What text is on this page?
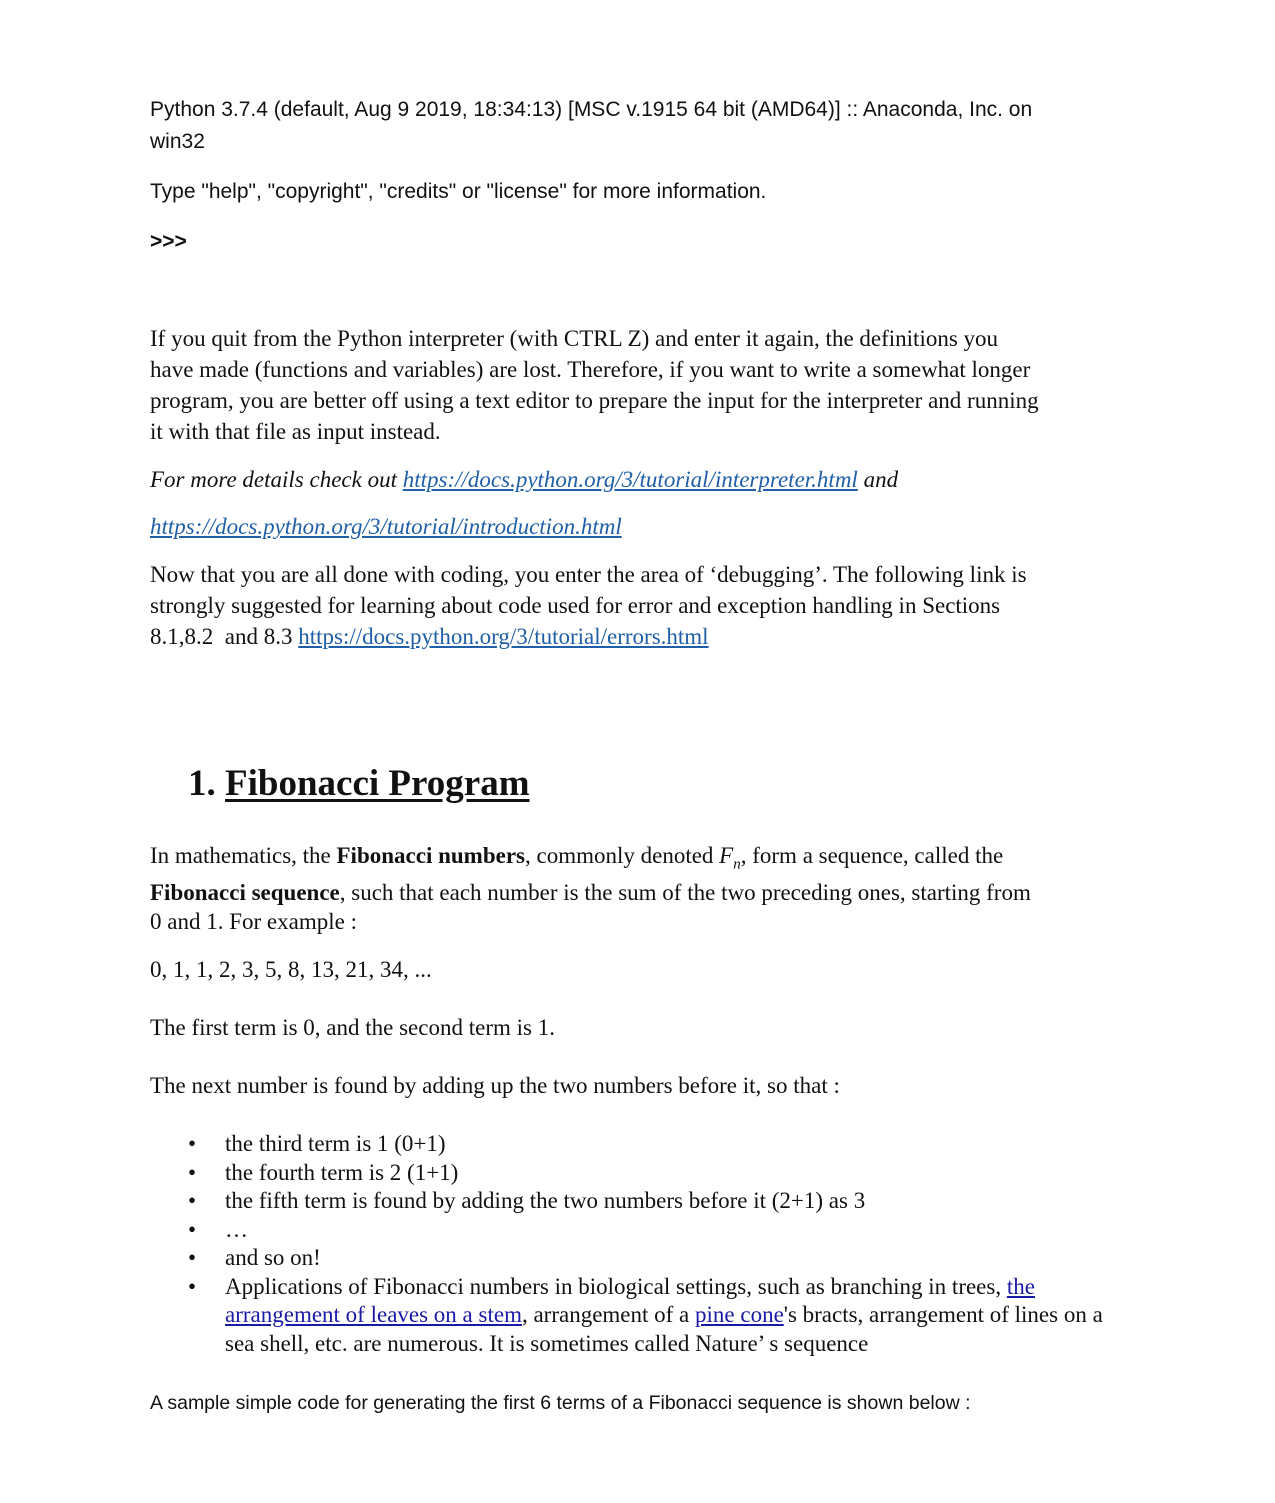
Python 3.7.4 (default, Aug 9 2019, 18:34:13) [MSC v.1915 64 bit (AMD64)] :: Anaconda, Inc. on

win32

Type "help", "copyright", "credits" or "license" for more information.

>>>

If you quit from the Python interpreter (with CTRL Z) and enter it again, the definitions you
have made (functions and variables) are lost. Therefore, if you want to write a somewhat longer
program, you are better off using a text editor to prepare the input for the interpreter and running
it with that file as input instead.
For more details check out https://docs.python.org/3/tutorial/interpreter.html and
https://docs.python.org/3/tutorial/introduction.html
Now that you are all done with coding, you enter the area of ‘debugging’. The following link is
strongly suggested for learning about code used for error and exception handling in Sections
8.1,8.2  and 8.3 https://docs.python.org/3/tutorial/errors.html
1. Fibonacci Program
In mathematics, the Fibonacci numbers, commonly denoted $F_n$, form a sequence, called the
Fibonacci sequence, such that each number is the sum of the two preceding ones, starting from
0 and 1. For example :

0, 1, 1, 2, 3, 5, 8, 13, 21, 34, ...

The first term is 0, and the second term is 1.

The next number is found by adding up the two numbers before it, so that :

• the third term is 1 (0+1)
• the fourth term is 2 (1+1)
• the fifth term is found by adding the two numbers before it (2+1) as 3
• …
• and so on!
• Applications of Fibonacci numbers in biological settings, such as branching in trees, the arrangement of leaves on a stem, arrangement of a pine cone's bracts, arrangement of lines on a sea shell, etc. are numerous. It is sometimes called Nature’ s sequence

A sample simple code for generating the first 6 terms of a Fibonacci sequence is shown below :
